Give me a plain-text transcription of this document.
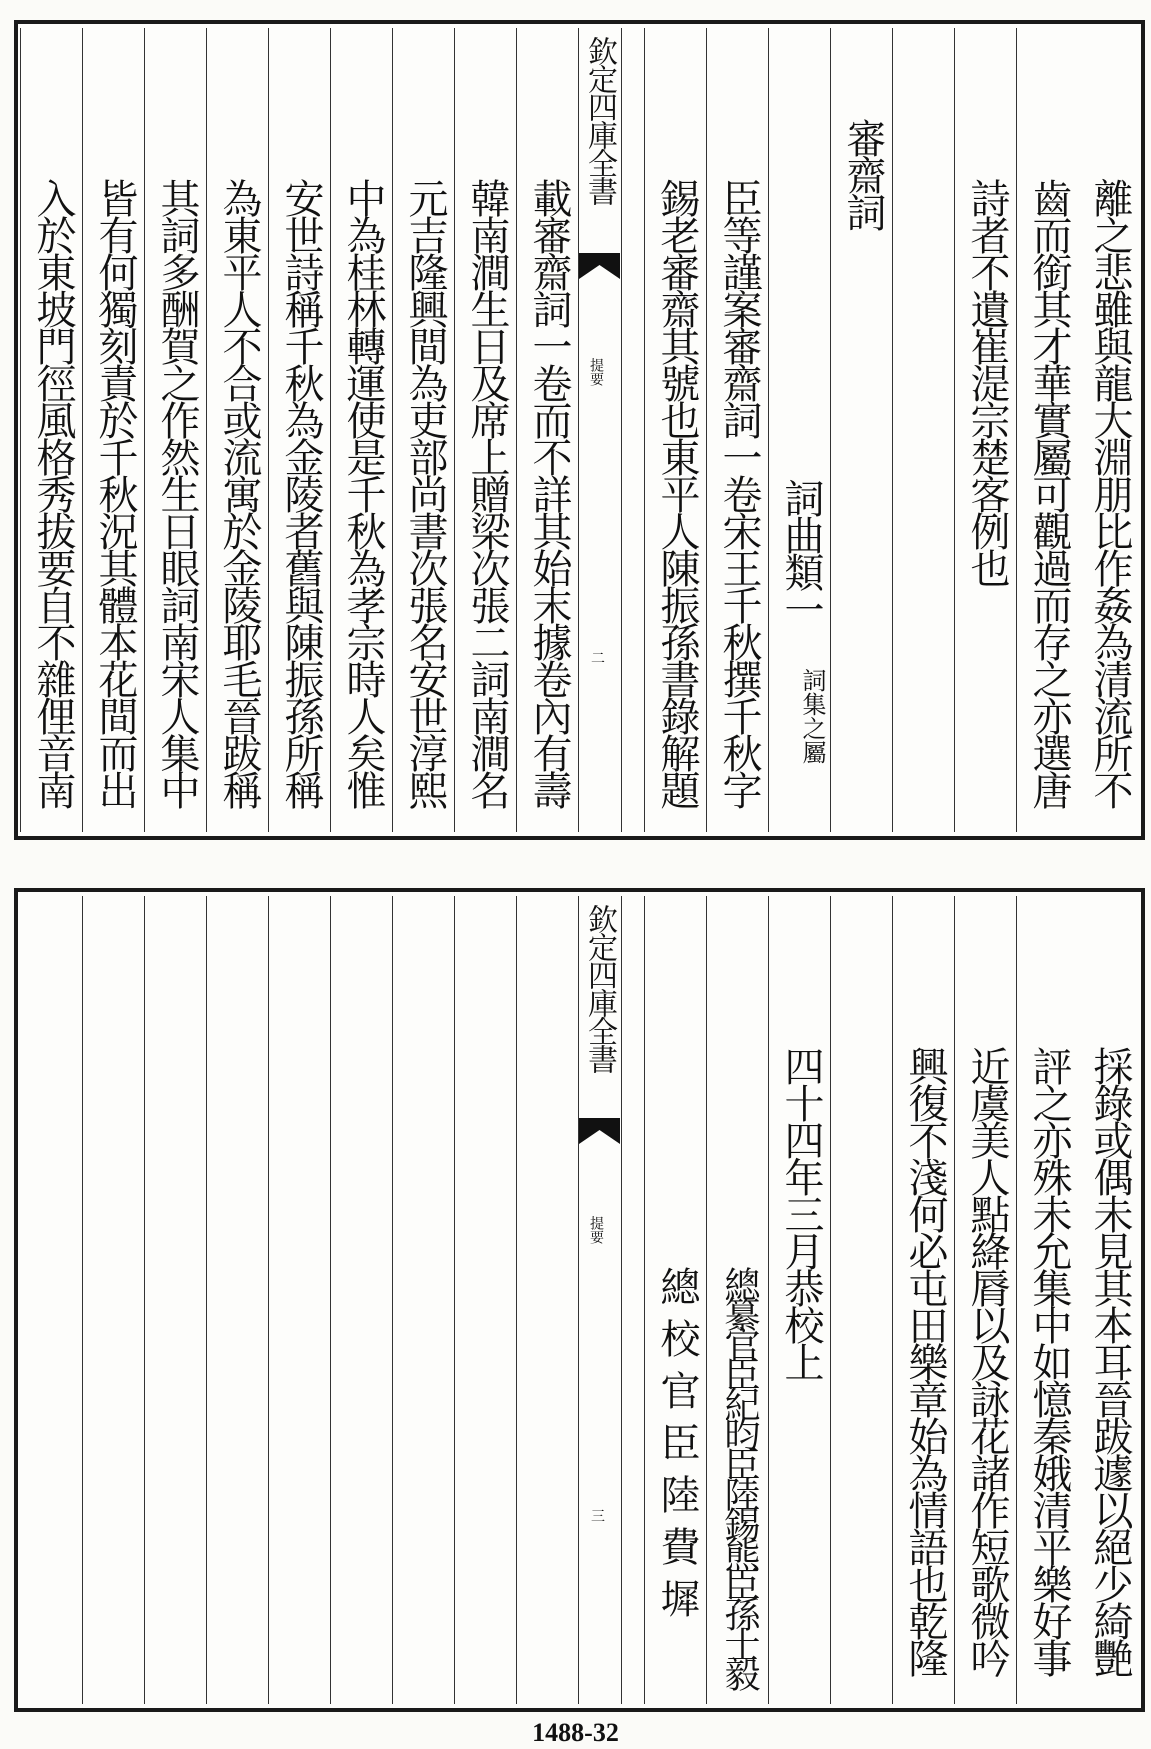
離之悲雖與龍大淵朋比作姦為清流所不
齒而銜其才華實屬可觀過而存之亦選唐
詩者不遺崔湜宗楚客例也
審齋詞
詞曲類一
詞集之屬
臣等謹案審齋詞一卷宋王千秋撰千秋字
錫老審齋其號也東平人陳振孫書錄解題
欽定四庫全書
提要
二
載審齋詞一卷而不詳其始末據卷內有壽
韓南澗生日及席上贈梁次張二詞南澗名
元吉隆興間為吏部尚書次張名安世淳熙
中為桂林轉運使是千秋為孝宗時人矣惟
安世詩稱千秋為金陵者舊與陳振孫所稱
為東平人不合或流寓於金陵耶毛晉跋稱
其詞多酬賀之作然生日眼詞南宋人集中
皆有何獨刻責於千秋況其體本花間而出
入於東坡門徑風格秀拔要自不雜俚音南
採錄或偶未見其本耳晉跋遽以絕少綺艷
評之亦殊未允集中如憶秦娥清平樂好事
近虞美人點絳脣以及詠花諸作短歌微吟
興復不淺何必屯田樂章始為情語也乾隆
四十四年三月恭校上
總纂官臣紀昀臣陸錫熊臣孫士毅
總校官臣陸費墀
欽定四庫全書
提要
三
1488-32
